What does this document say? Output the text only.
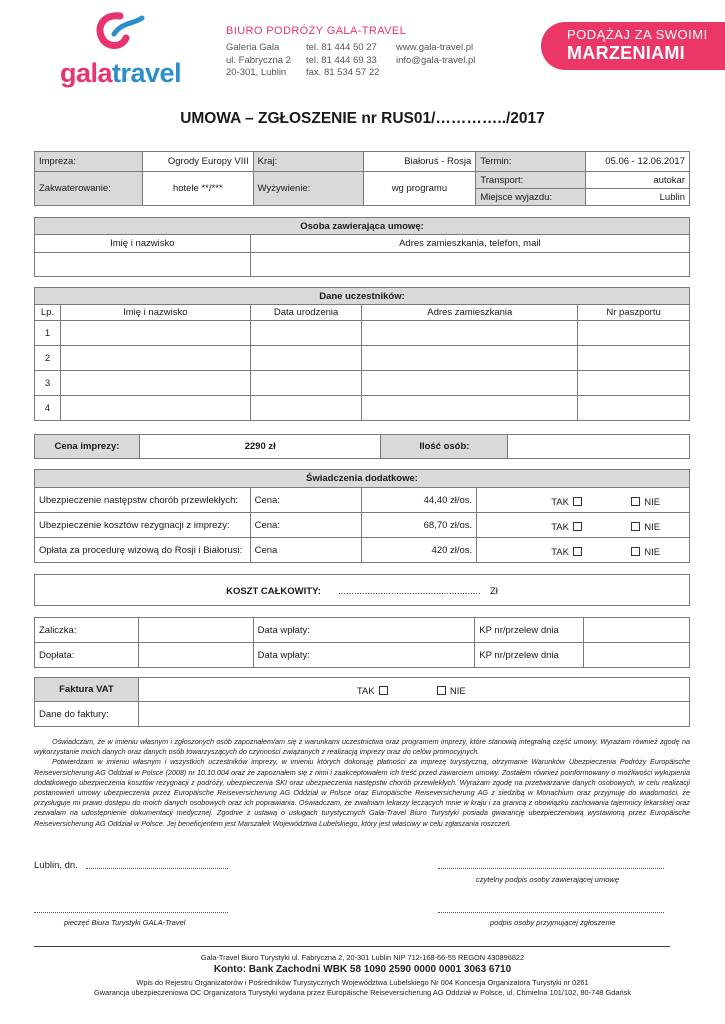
galatravel
BIURO PODRÓŻY GALA-TRAVEL
Galeria Gala
ul. Fabryczna 2
20-301, Lublin
tel. 81 444 50 27
tel. 81 444 69 33
fax. 81 534 57 22
www.gala-travel.pl
info@gala-travel.pl
PODĄŻAJ ZA SWOIMI
MARZENIAMI
UMOWA – ZGŁOSZENIE nr RUS01/…………../2017
Impreza:	Ogrody Europy VIII	Kraj:	Białoruś - Rosja	Termin:	05.06 - 12.06.2017
Zakwaterowanie:	hotele **/***	Wyżywienie:	wg programu	Transport:	autokar
				Miejsce wyjazdu:	Lublin
Osoba zawierająca umowę:	
Imię i nazwisko	Adres zamieszkania, telefon, mail

Dane uczestników:				
Lp.	Imię i nazwisko	Data urodzenia	Adres zamieszkania	Nr paszportu
1				
2				
3				
4				
Cena imprezy:	2290 zł	Ilość osób:	
Świadczenia dodatkowe:			
Ubezpieczenie następstw chorób przewlekłych:	Cena:	44,40 zł/os.	TAK NIE
Ubezpieczenie kosztów rezygnacji z imprezy:	Cena:	68,70 zł/os.	TAK NIE
Opłata za procedurę wizową do Rosji i Białorusi:	Cena	420 zł/os.	TAK NIE
KOSZT CAŁKOWITY: ...................................................... Zł
Zaliczka:		Data wpłaty:	KP nr/przelew dnia	
Dopłata:		Data wpłaty:	KP nr/przelew dnia	
Faktura VAT	TAK NIE
Dane do faktury:	

Oświadczam, że w imieniu własnym i zgłoszonych osób zapoznałem/am się z warunkami uczestnictwa oraz programem imprezy, które stanowią integralną część umowy. Wyrażam również zgodę na wykorzystanie moich danych oraz danych osób towarzyszących do czynności związanych z realizacją imprezy oraz do celów promocyjnych.

Potwierdzam w imieniu własnym i wszystkich uczestników imprezy, w imieniu których dokonuję płatności za imprezę turystyczną, otrzymanie Warunków Ubezpieczenia Podróży Europäische Reiseversicherung AG Oddział w Polsce (2008) nr 10.10.004 oraz że zapoznałem się z nimi i zaakceptowałem ich treść przed zawarciem umowy. Zostałem również poinformowany o możliwości wykupienia dodatkowego ubezpieczenia kosztów rezygnacji z podróży, ubezpieczenia SKI oraz ubezpieczenia następstw chorób przewlekłych. Wyrażam zgodę na przetwarzanie danych osobowych, w celu realizacji postanowień umowy ubezpieczenia przez Europäische Reiseversicherung AG Oddział w Polsce oraz Europäische Reiseversicherung AG z siedzibą w Monachium oraz przyjmuję do wiadomości, że przysługuje mi prawo dostępu do moich danych osobowych oraz ich poprawiania. Oświadczam, że zwalniam lekarzy leczących mnie w kraju i za granicą z obowiązku zachowania tajemnicy lekarskiej oraz zezwalam na udostępnienie dokumentacji medycznej. Zgodnie z ustawą o usługach turystycznych Gala-Travel Biuro Turystyki posiada gwarancję ubezpieczeniową wystawioną przez Europäische Reiseversicherung AG Oddział w Polsce. Jej beneficjentem jest Marszałek Województwa Lubelskiego, który jest właściwy w celu zgłaszania roszczeń.

Lublin, dn.
czytelny podpis osoby zawierającej umowę
pieczęć Biura Turystyki GALA-Travel	podpis osoby przyjmującej zgłoszenie
Gala-Travel Biuro Turystyki ul. Fabryczna 2, 20-301 Lublin NIP 712-168-66-55 REGON 430896822
Konto: Bank Zachodni WBK 58 1090 2590 0000 0001 3063 6710
Wpis do Rejestru Organizatorów i Pośredników Turystycznych Województwa Lubelskiego Nr 004 Koncesja Organizatora Turystyki nr 0261
Gwarancja ubezpieczeniowa OC Organizatora Turystyki wydana przez Europäische Reiseversicherung AG Oddział w Polsce, ul. Chmielna 101/102, 80-748 Gdańsk
